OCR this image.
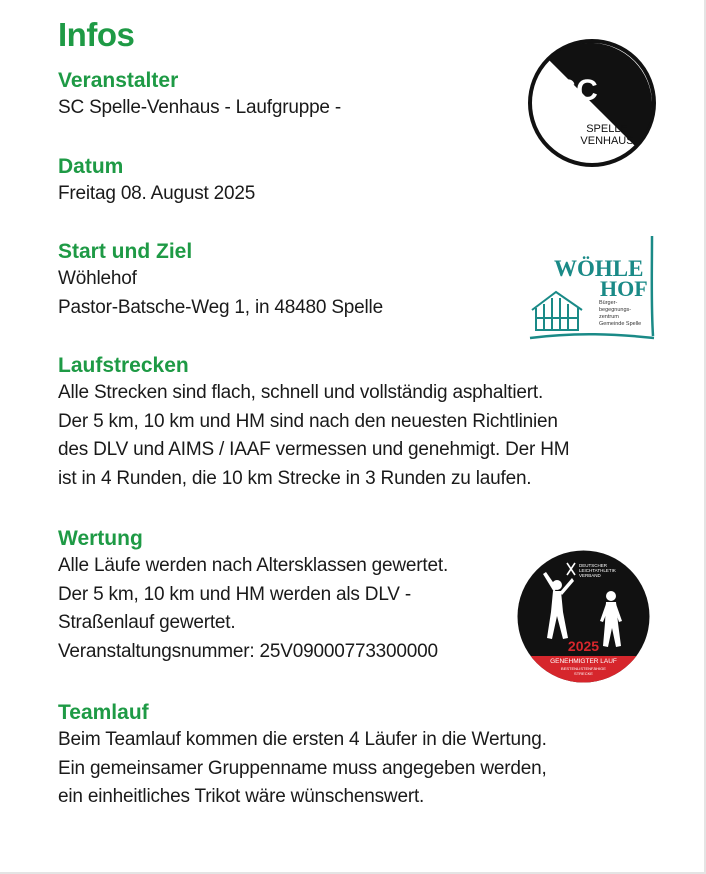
Infos
Veranstalter
SC Spelle-Venhaus - Laufgruppe -
Datum
Freitag 08. August 2025
Start und Ziel
Wöhlehof
Pastor-Batsche-Weg 1, in 48480 Spelle
Laufstrecken
Alle Strecken sind flach, schnell und vollständig asphaltiert.
Der 5 km, 10 km und HM sind nach den neuesten Richtlinien
des DLV und AIMS / IAAF vermessen und genehmigt. Der HM
ist in 4 Runden, die 10 km Strecke in 3 Runden zu laufen.
Wertung
Alle Läufe werden nach Altersklassen gewertet.
Der 5 km, 10 km und HM werden als DLV -
Straßenlauf gewertet.
Veranstaltungsnummer: 25V09000773300000
Teamlauf
Beim Teamlauf kommen die ersten 4 Läufer in die Wertung.
Ein gemeinsamer Gruppenname muss angegeben werden,
ein einheitliches Trikot wäre wünschenswert.
SC
SPELLE
VENHAUS
WÖHLE
HOF
Bürger-
begegnungs-
zentrum
Gemeinde Spelle
DEUTSCHER
LEICHTATHLETIK
VERBAND
2025
GENEHMIGTER LAUF
BESTENLISTENFÄHIGE
STRECKE
